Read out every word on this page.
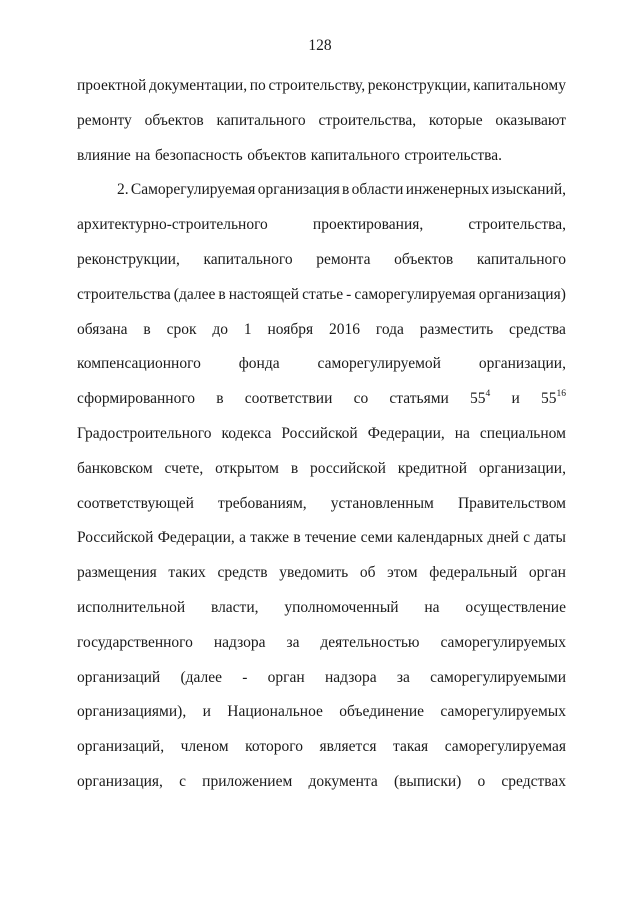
128
проектной документации, по строительству, реконструкции, капитальному
ремонту объектов капитального строительства, которые оказывают
влияние на безопасность объектов капитального строительства.
2. Саморегулируемая организация в области инженерных изысканий,
архитектурно-строительного	проектирования,	строительства,
реконструкции, капитального ремонта объектов капитального
строительства (далее в настоящей статье - саморегулируемая организация)
обязана в срок до 1 ноября 2016 года разместить средства
компенсационного фонда саморегулируемой организации,
сформированного в соответствии со статьями $55^4$ и $55^{16}$
Градостроительного кодекса Российской Федерации, на специальном
банковском счете, открытом в российской кредитной организации,
соответствующей требованиям, установленным Правительством
Российской Федерации, а также в течение семи календарных дней с даты
размещения таких средств уведомить об этом федеральный орган
исполнительной власти, уполномоченный на осуществление
государственного надзора за деятельностью саморегулируемых
организаций (далее - орган надзора за саморегулируемыми
организациями), и Национальное объединение саморегулируемых
организаций, членом которого является такая саморегулируемая
организация, с приложением документа (выписки) о средствах
